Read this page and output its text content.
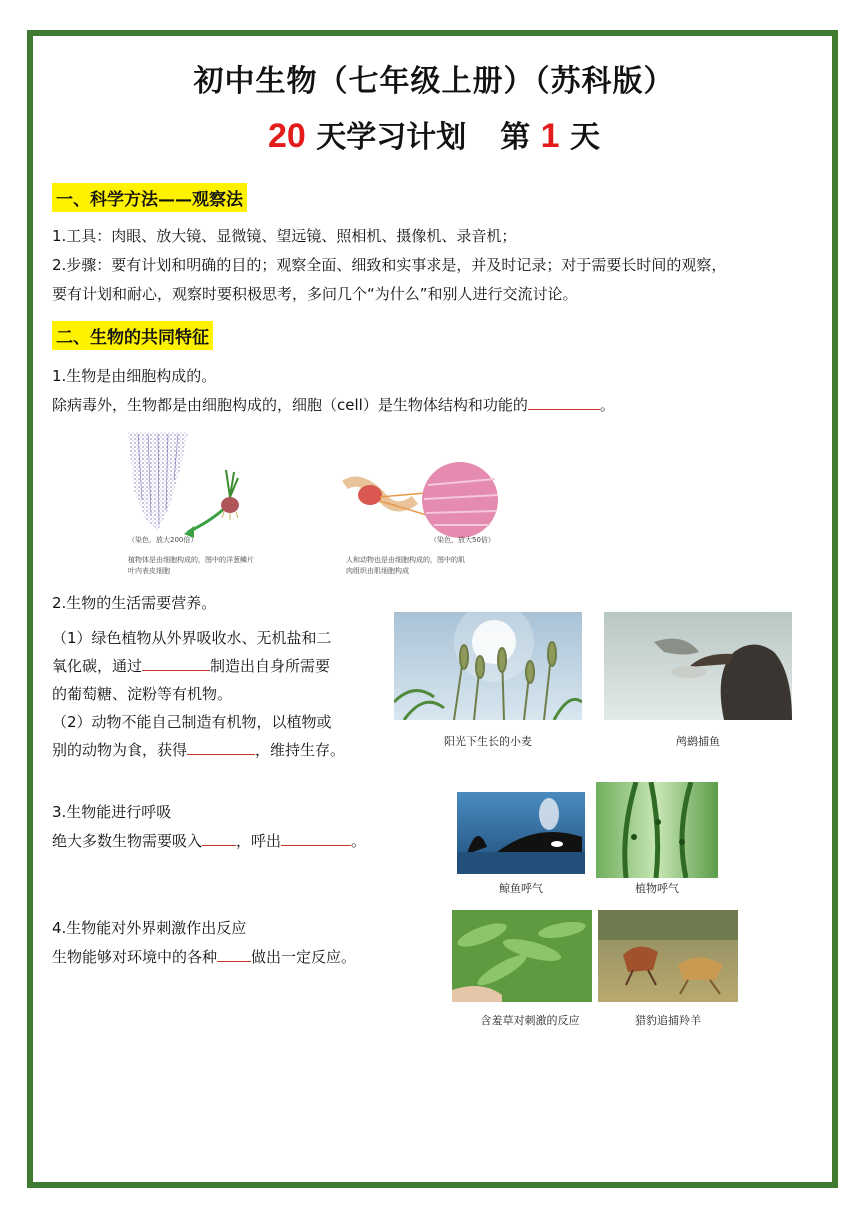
初中生物（七年级上册）（苏科版）
20 天学习计划 第 1 天
一、科学方法——观察法
1.工具：肉眼、放大镜、显微镜、望远镜、照相机、摄像机、录音机；
2.步骤：要有计划和明确的目的；观察全面、细致和实事求是，并及时记录；对于需要长时间的观察，
要有计划和耐心，观察时要积极思考，多问几个“为什么”和别人进行交流讨论。
二、生物的共同特征
1.生物是由细胞构成的。
除病毒外，生物都是由细胞构成的，细胞（cell）是生物体结构和功能的	。
（染色，放大200倍）
植物体是由细胞构成的，图中的洋葱鳞片
叶内表皮细胞
（染色，放大50倍）
人和动物也是由细胞构成的，图中的肌
肉组织由肌细胞构成
2.生物的生活需要营养。
（1）绿色植物从外界吸收水、无机盐和二
氧化碳，通过	制造出自身所需要
的葡萄糖、淀粉等有机物。
（2）动物不能自己制造有机物，以植物或
别的动物为食，获得	，维持生存。	阳光下生长的小麦	鸬鹚捕鱼
3.生物能进行呼吸
绝大多数生物需要吸入 ，呼出	。
鲸鱼呼气	植物呼气
4.生物能对外界刺激作出反应
生物能够对环境中的各种 做出一定反应。
含羞草对刺激的反应	猎豹追捕羚羊
